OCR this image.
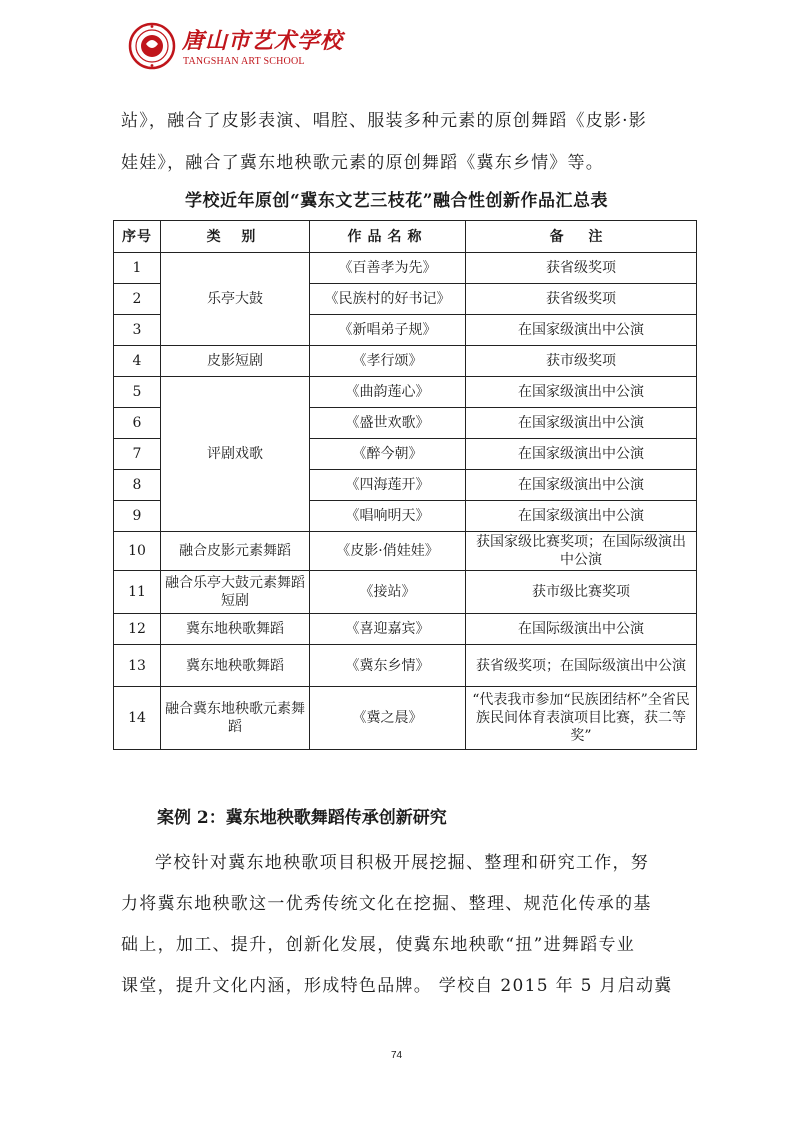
唐山市艺术学校
TANGSHAN ART SCHOOL
站》，融合了皮影表演、唱腔、服装多种元素的原创舞蹈《皮影·影
娃娃》，融合了冀东地秧歌元素的原创舞蹈《冀东乡情》等。
学校近年原创“冀东文艺三枝花”融合性创新作品汇总表
序号	类 别	作品名称	备 注
1	乐亭大鼓	《百善孝为先》	获省级奖项
2		《民族村的好书记》	获省级奖项
3		《新唱弟子规》	在国家级演出中公演
4	皮影短剧	《孝行颂》	获市级奖项
5	评剧戏歌	《曲韵莲心》	在国家级演出中公演
6		《盛世欢歌》	在国家级演出中公演
7		《醉今朝》	在国家级演出中公演
8		《四海莲开》	在国家级演出中公演
9		《唱响明天》	在国家级演出中公演
10	融合皮影元素舞蹈	《皮影·俏娃娃》	获国家级比赛奖项；在国际级演出中公演
11	融合乐亭大鼓元素舞蹈短剧	《接站》	获市级比赛奖项
12	冀东地秧歌舞蹈	《喜迎嘉宾》	在国际级演出中公演
13	冀东地秧歌舞蹈	《冀东乡情》	获省级奖项；在国际级演出中公演
14	融合冀东地秧歌元素舞蹈	《冀之晨》	“代表我市参加“民族团结杯”全省民族民间体育表演项目比赛，获二等奖”
案例 2：冀东地秧歌舞蹈传承创新研究
学校针对冀东地秧歌项目积极开展挖掘、整理和研究工作，努
力将冀东地秧歌这一优秀传统文化在挖掘、整理、规范化传承的基
础上，加工、提升，创新化发展，使冀东地秧歌“扭”进舞蹈专业
课堂，提升文化内涵，形成特色品牌。 学校自 2015 年 5 月启动冀
74
